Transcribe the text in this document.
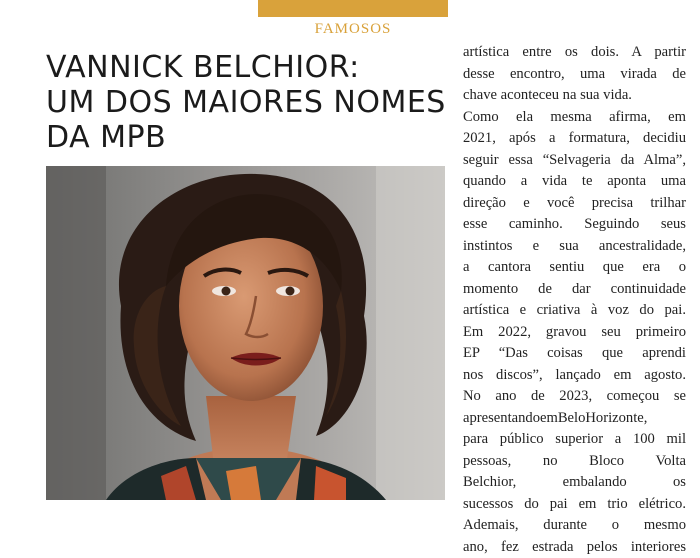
FAMOSOS
VANNICK BELCHIOR:
UM DOS MAIORES NOMES
DA MPB
artística entre os dois. A partir
desse encontro, uma virada de
chave aconteceu na sua vida.
Como ela mesma afirma, em
2021, após a formatura, decidiu
seguir essa “Selvageria da Alma”,
quando a vida te aponta uma
direção e você precisa trilhar
esse caminho. Seguindo seus
instintos e sua ancestralidade,
a cantora sentiu que era o
momento de dar continuidade
artística e criativa à voz do pai.
Em 2022, gravou seu primeiro
EP “Das coisas que aprendi
nos discos”, lançado em agosto.
No ano de 2023, começou se
apresentandoemBeloHorizonte,
para público superior a 100 mil
pessoas, no Bloco Volta
Belchior, embalando os
sucessos do pai em trio elétrico.
Ademais, durante o mesmo
ano, fez estrada pelos interiores
